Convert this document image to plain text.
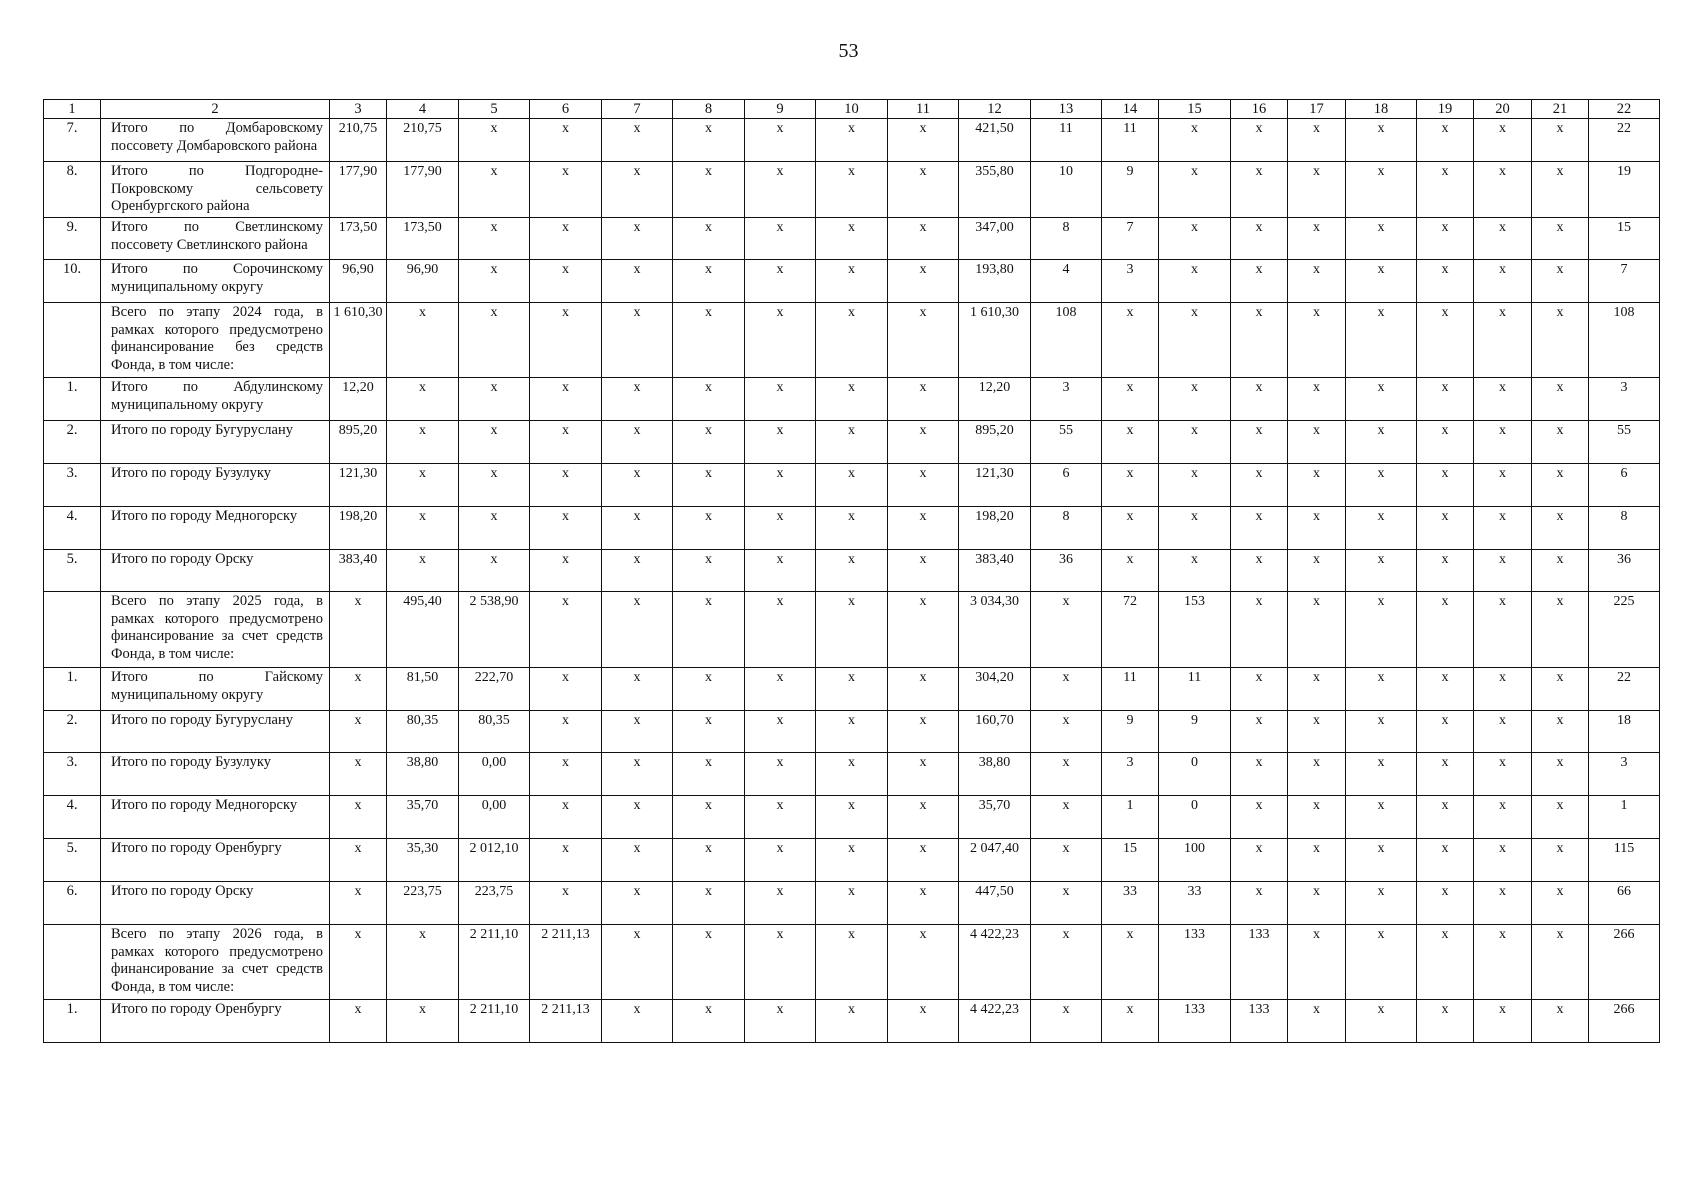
53
1	2	3	4	5	6	7	8	9	10	11	12	13	14	15	16	17	18	19	20	21	22
7.	Итого по Домбаровскому поссовету Домбаровского района	210,75	210,75	х	х	х	х	х	х	х	421,50	11	11	х	х	х	х	х	х	х	22
8.	Итого по Подгородне-Покровскому сельсовету Оренбургского района	177,90	177,90	х	х	х	х	х	х	х	355,80	10	9	х	х	х	х	х	х	х	19
9.	Итого по Светлинскому поссовету Светлинского района	173,50	173,50	х	х	х	х	х	х	х	347,00	8	7	х	х	х	х	х	х	х	15
10.	Итого по Сорочинскому муниципальному округу	96,90	96,90	х	х	х	х	х	х	х	193,80	4	3	х	х	х	х	х	х	х	7
	Всего по этапу 2024 года, в рамках которого предусмотрено финансирование без средств Фонда, в том числе:	1 610,30	х	х	х	х	х	х	х	х	1 610,30	108	х	х	х	х	х	х	х	х	108
1.	Итого по Абдулинскому муниципальному округу	12,20	х	х	х	х	х	х	х	х	12,20	3	х	х	х	х	х	х	х	х	3
2.	Итого по городу Бугуруслану	895,20	х	х	х	х	х	х	х	х	895,20	55	х	х	х	х	х	х	х	х	55
3.	Итого по городу Бузулуку	121,30	х	х	х	х	х	х	х	х	121,30	6	х	х	х	х	х	х	х	х	6
4.	Итого по городу Медногорску	198,20	х	х	х	х	х	х	х	х	198,20	8	х	х	х	х	х	х	х	х	8
5.	Итого по городу Орску	383,40	х	х	х	х	х	х	х	х	383,40	36	х	х	х	х	х	х	х	х	36
	Всего по этапу 2025 года, в рамках которого предусмотрено финансирование за счет средств Фонда, в том числе:	х	495,40	2 538,90	х	х	х	х	х	х	3 034,30	х	72	153	х	х	х	х	х	х	225
1.	Итого по Гайскому муниципальному округу	х	81,50	222,70	х	х	х	х	х	х	304,20	х	11	11	х	х	х	х	х	х	22
2.	Итого по городу Бугуруслану	х	80,35	80,35	х	х	х	х	х	х	160,70	х	9	9	х	х	х	х	х	х	18
3.	Итого по городу Бузулуку	х	38,80	0,00	х	х	х	х	х	х	38,80	х	3	0	х	х	х	х	х	х	3
4.	Итого по городу Медногорску	х	35,70	0,00	х	х	х	х	х	х	35,70	х	1	0	х	х	х	х	х	х	1
5.	Итого по городу Оренбургу	х	35,30	2 012,10	х	х	х	х	х	х	2 047,40	х	15	100	х	х	х	х	х	х	115
6.	Итого по городу Орску	х	223,75	223,75	х	х	х	х	х	х	447,50	х	33	33	х	х	х	х	х	х	66
	Всего по этапу 2026 года, в рамках которого предусмотрено финансирование за счет средств Фонда, в том числе:	х	х	2 211,10	2 211,13	х	х	х	х	х	4 422,23	х	х	133	133	х	х	х	х	х	266
1.	Итого по городу Оренбургу	х	х	2 211,10	2 211,13	х	х	х	х	х	4 422,23	х	х	133	133	х	х	х	х	х	266
